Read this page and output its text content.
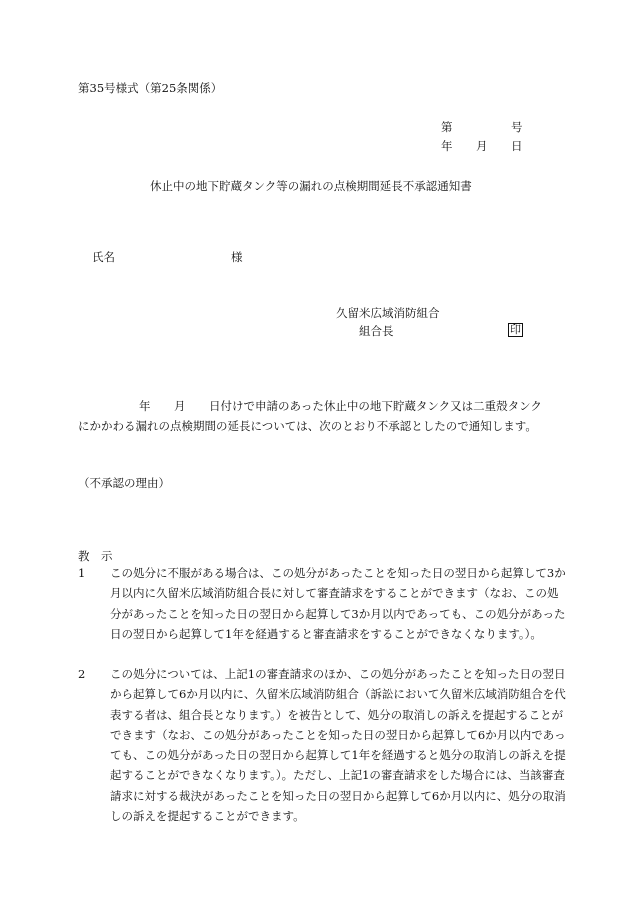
第35号様式（第25条関係）
第	号
年 月 日
休止中の地下貯蔵タンク等の漏れの点検期間延長不承認通知書
氏名	様
久留米広域消防組合
組合長	印
年 月 日付けで申請のあった休止中の地下貯蔵タンク又は二重殻タンク
にかかわる漏れの点検期間の延長については、次のとおり不承認としたので通知します。
（不承認の理由）
教　示
1 この処分に不服がある場合は、この処分があったことを知った日の翌日から起算して3か月以内に久留米広域消防組合長に対して審査請求をすることができます（なお、この処分があったことを知った日の翌日から起算して3か月以内であっても、この処分があった日の翌日から起算して1年を経過すると審査請求をすることができなくなります。）。
2 この処分については、上記1の審査請求のほか、この処分があったことを知った日の翌日から起算して6か月以内に、久留米広域消防組合（訴訟において久留米広域消防組合を代表する者は、組合長となります。）を被告として、処分の取消しの訴えを提起することができます（なお、この処分があったことを知った日の翌日から起算して6か月以内であっても、この処分があった日の翌日から起算して1年を経過すると処分の取消しの訴えを提起することができなくなります。）。ただし、上記1の審査請求をした場合には、当該審査請求に対する裁決があったことを知った日の翌日から起算して6か月以内に、処分の取消しの訴えを提起することができます。
